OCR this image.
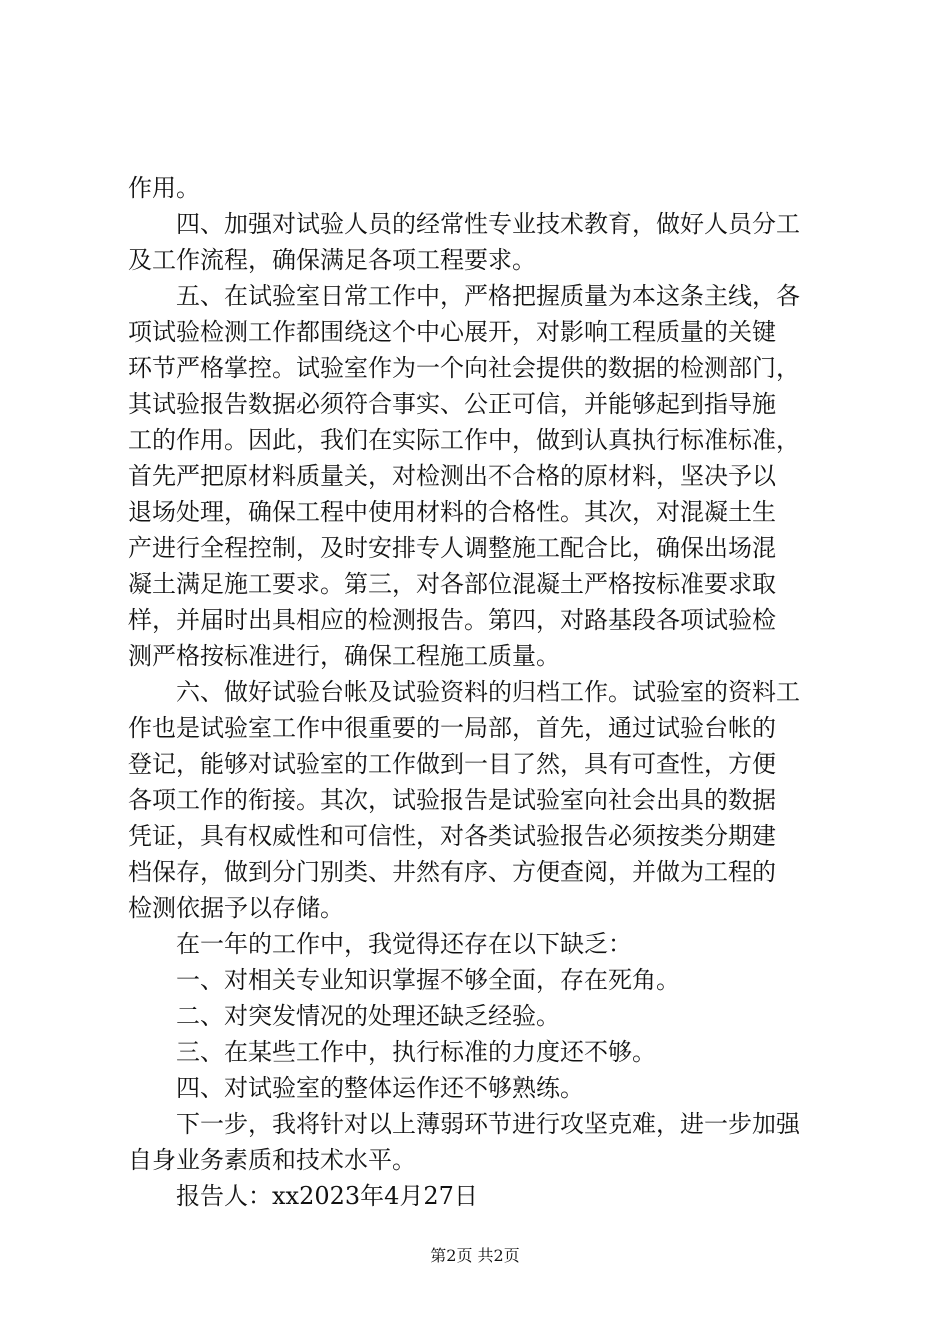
作用。
　　四、加强对试验人员的经常性专业技术教育，做好人员分工
及工作流程，确保满足各项工程要求。
　　五、在试验室日常工作中，严格把握质量为本这条主线，各
项试验检测工作都围绕这个中心展开，对影响工程质量的关键
环节严格掌控。试验室作为一个向社会提供的数据的检测部门，
其试验报告数据必须符合事实、公正可信，并能够起到指导施
工的作用。因此，我们在实际工作中，做到认真执行标准标准，
首先严把原材料质量关，对检测出不合格的原材料，坚决予以
退场处理，确保工程中使用材料的合格性。其次，对混凝土生
产进行全程控制，及时安排专人调整施工配合比，确保出场混
凝土满足施工要求。第三，对各部位混凝土严格按标准要求取
样，并届时出具相应的检测报告。第四，对路基段各项试验检
测严格按标准进行，确保工程施工质量。
　　六、做好试验台帐及试验资料的归档工作。试验室的资料工
作也是试验室工作中很重要的一局部，首先，通过试验台帐的
登记，能够对试验室的工作做到一目了然，具有可查性，方便
各项工作的衔接。其次，试验报告是试验室向社会出具的数据
凭证，具有权威性和可信性，对各类试验报告必须按类分期建
档保存，做到分门别类、井然有序、方便查阅，并做为工程的
检测依据予以存储。
　　在一年的工作中，我觉得还存在以下缺乏：
　　一、对相关专业知识掌握不够全面，存在死角。
　　二、对突发情况的处理还缺乏经验。
　　三、在某些工作中，执行标准的力度还不够。
　　四、对试验室的整体运作还不够熟练。
　　下一步，我将针对以上薄弱环节进行攻坚克难，进一步加强
自身业务素质和技术水平。
　　报告人：xx2023年4月27日
第2页 共2页
